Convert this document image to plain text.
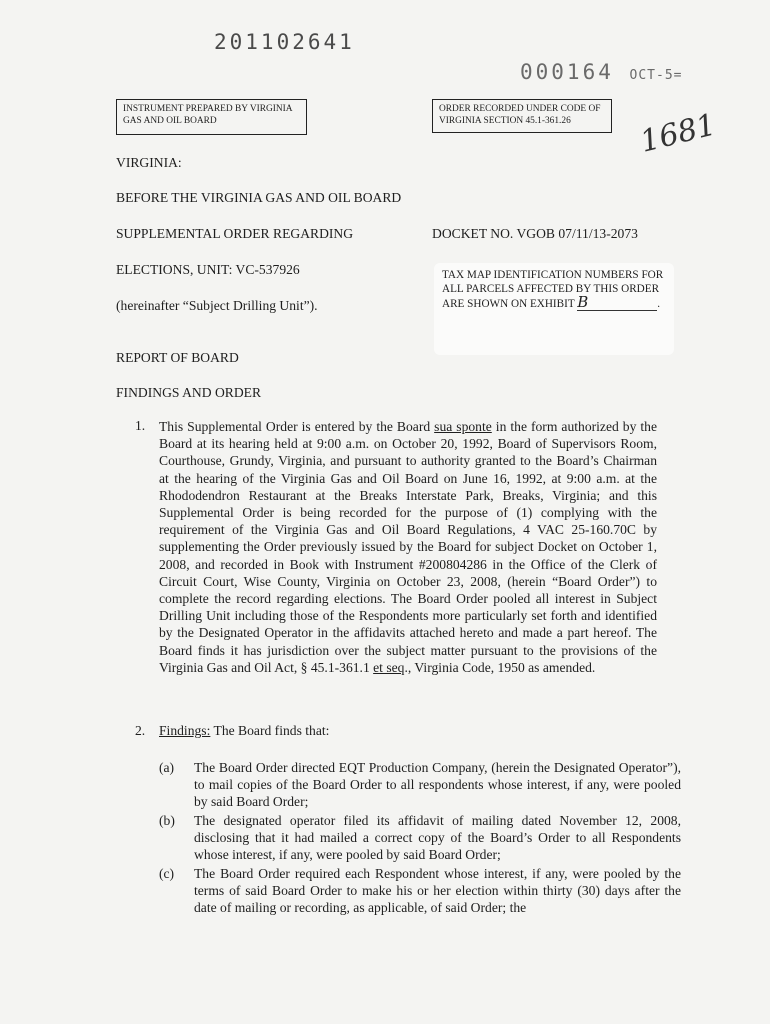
201102641
000164 OCT-5=
1681
INSTRUMENT PREPARED BY VIRGINIA GAS AND OIL BOARD
ORDER RECORDED UNDER CODE OF VIRGINIA SECTION 45.1-361.26
VIRGINIA:
BEFORE THE VIRGINIA GAS AND OIL BOARD
SUPPLEMENTAL ORDER REGARDING	DOCKET NO. VGOB 07/11/13-2073
ELECTIONS, UNIT: VC-537926
(hereinafter “Subject Drilling Unit”).
TAX MAP IDENTIFICATION NUMBERS FOR ALL PARCELS AFFECTED BY THIS ORDER ARE SHOWN ON EXHIBIT B	.
REPORT OF BOARD
FINDINGS AND ORDER
1. This Supplemental Order is entered by the Board sua sponte in the form authorized by the Board at its hearing held at 9:00 a.m. on October 20, 1992, Board of Supervisors Room, Courthouse, Grundy, Virginia, and pursuant to authority granted to the Board’s Chairman at the hearing of the Virginia Gas and Oil Board on June 16, 1992, at 9:00 a.m. at the Rhododendron Restaurant at the Breaks Interstate Park, Breaks, Virginia; and this Supplemental Order is being recorded for the purpose of (1) complying with the requirement of the Virginia Gas and Oil Board Regulations, 4 VAC 25-160.70C by supplementing the Order previously issued by the Board for subject Docket on October 1, 2008, and recorded in Book with Instrument #200804286 in the Office of the Clerk of Circuit Court, Wise County, Virginia on October 23, 2008, (herein “Board Order”) to complete the record regarding elections. The Board Order pooled all interest in Subject Drilling Unit including those of the Respondents more particularly set forth and identified by the Designated Operator in the affidavits attached hereto and made a part hereof. The Board finds it has jurisdiction over the subject matter pursuant to the provisions of the Virginia Gas and Oil Act, § 45.1-361.1 et seq., Virginia Code, 1950 as amended.
2. Findings: The Board finds that:
(a) The Board Order directed EQT Production Company, (herein the Designated Operator”), to mail copies of the Board Order to all respondents whose interest, if any, were pooled by said Board Order;
(b) The designated operator filed its affidavit of mailing dated November 12, 2008, disclosing that it had mailed a correct copy of the Board’s Order to all Respondents whose interest, if any, were pooled by said Board Order;
(c) The Board Order required each Respondent whose interest, if any, were pooled by the terms of said Board Order to make his or her election within thirty (30) days after the date of mailing or recording, as applicable, of said Order; the
